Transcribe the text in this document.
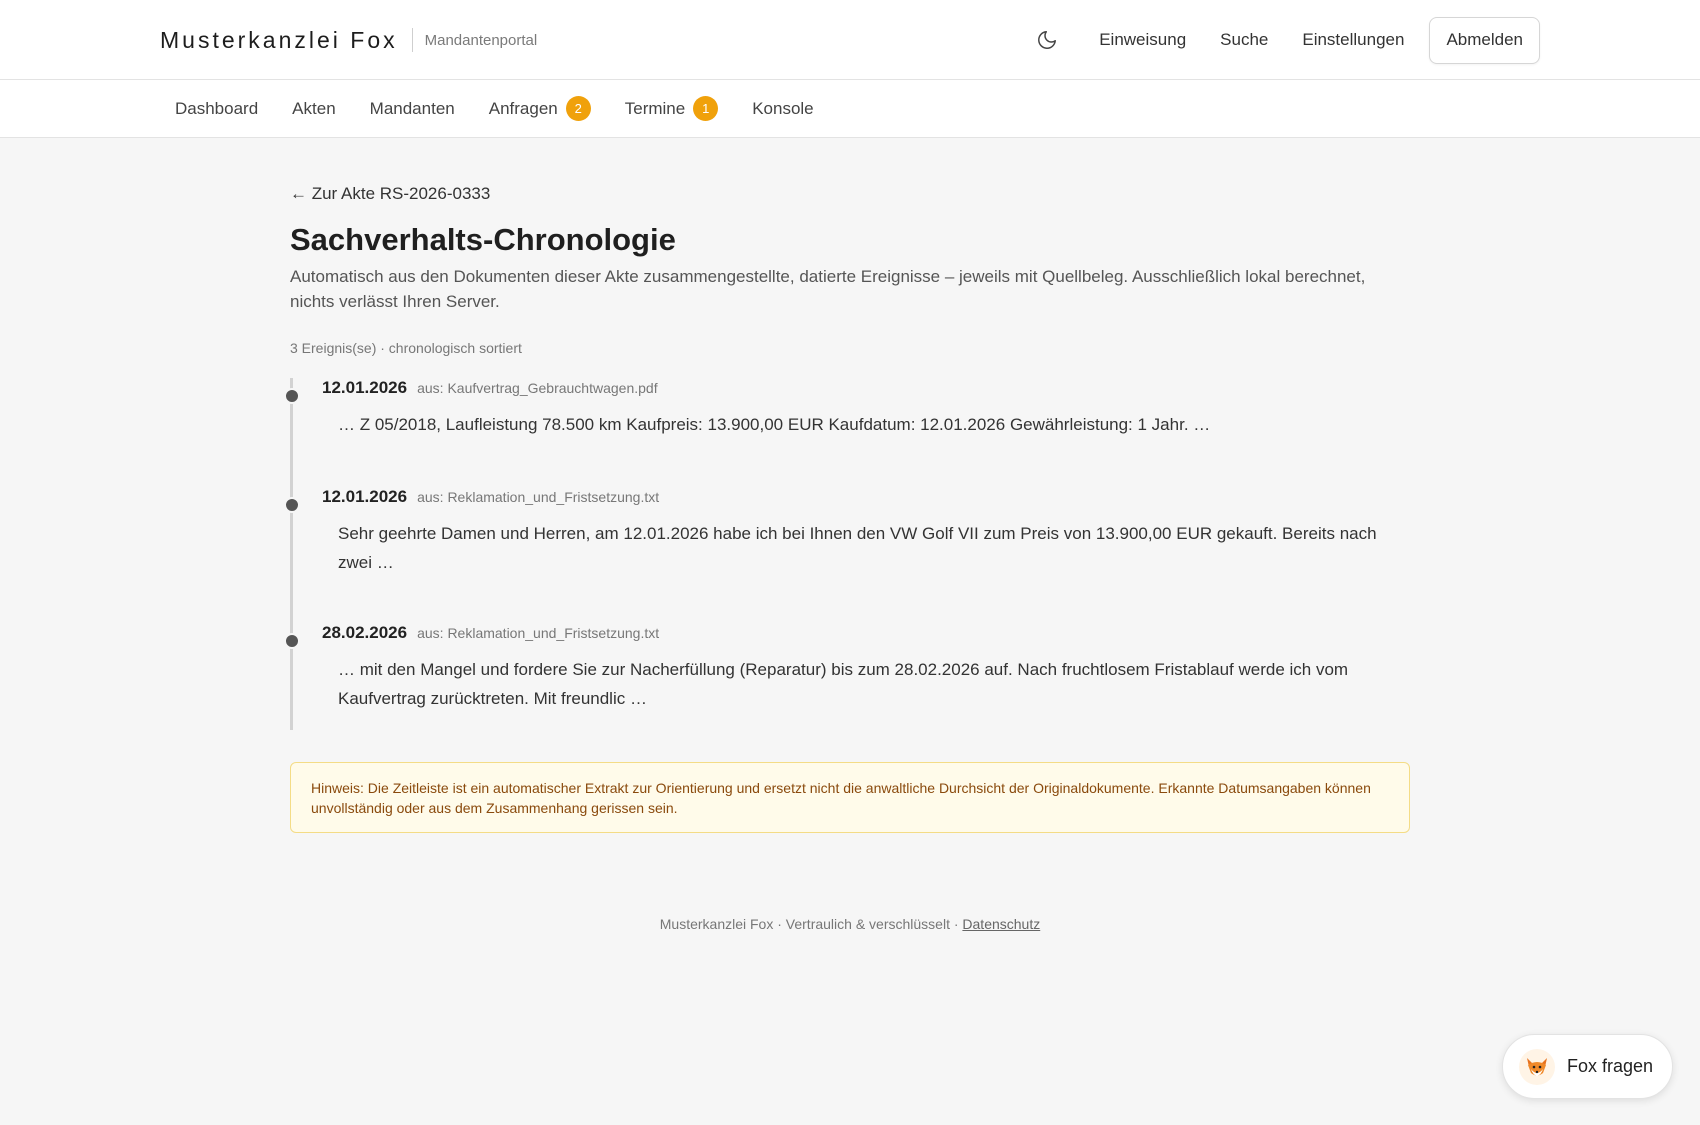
Musterkanzlei Fox Mandantenportal	Einweisung Suche Einstellungen	Abmelden
Dashboard Akten Mandanten Anfragen	2	Termine	1	Konsole
← Zur Akte RS-2026-0333
Sachverhalts-Chronologie

Automatisch aus den Dokumenten dieser Akte zusammengestellte, datierte Ereignisse – jeweils mit Quellbeleg. Ausschließlich lokal berechnet, nichts verlässt Ihren Server.

3 Ereignis(se) · chronologisch sortiert
12.01.2026 aus: Kaufvertrag_Gebrauchtwagen.pdf
… Z 05/2018, Laufleistung 78.500 km Kaufpreis: 13.900,00 EUR Kaufdatum: 12.01.2026 Gewährleistung: 1 Jahr. …
12.01.2026 aus: Reklamation_und_Fristsetzung.txt
Sehr geehrte Damen und Herren, am 12.01.2026 habe ich bei Ihnen den VW Golf VII zum Preis von 13.900,00 EUR gekauft. Bereits nach zwei …
28.02.2026 aus: Reklamation_und_Fristsetzung.txt
… mit den Mangel und fordere Sie zur Nacherfüllung (Reparatur) bis zum 28.02.2026 auf. Nach fruchtlosem Fristablauf werde ich vom Kaufvertrag zurücktreten. Mit freundlic …
Hinweis: Die Zeitleiste ist ein automatischer Extrakt zur Orientierung und ersetzt nicht die anwaltliche Durchsicht der Originaldokumente. Erkannte Datumsangaben können unvollständig oder aus dem Zusammenhang gerissen sein.
Musterkanzlei Fox · Vertraulich & verschlüsselt · Datenschutz
Fox fragen
